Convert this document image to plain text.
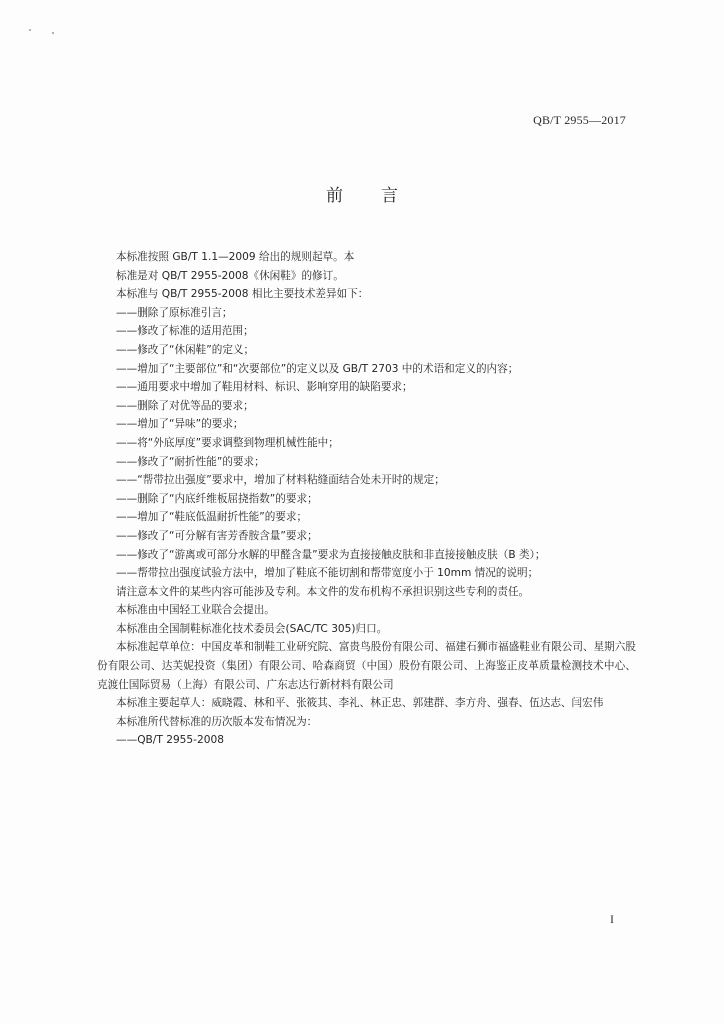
QB/T 2955—2017
前言

本标准按照 GB/T 1.1—2009 给出的规则起草。本

标准是对 QB/T 2955-2008《休闲鞋》的修订。

本标准与 QB/T 2955-2008 相比主要技术差异如下：

——删除了原标准引言；

——修改了标准的适用范围；

——修改了“休闲鞋”的定义；

——增加了“主要部位”和“次要部位”的定义以及 GB/T 2703 中的术语和定义的内容；

——通用要求中增加了鞋用材料、标识、影响穿用的缺陷要求；

——删除了对优等品的要求；

——增加了“异味”的要求；

——将“外底厚度”要求调整到物理机械性能中；

——修改了“耐折性能”的要求；

——“帮带拉出强度”要求中，增加了材料粘缝面结合处未开时的规定；

——删除了“内底纤维板屈挠指数”的要求；

——增加了“鞋底低温耐折性能”的要求；

——修改了“可分解有害芳香胺含量”要求；

——修改了“游离或可部分水解的甲醛含量”要求为直接接触皮肤和非直接接触皮肤（B 类）；

——帮带拉出强度试验方法中，增加了鞋底不能切割和帮带宽度小于 10mm 情况的说明；

请注意本文件的某些内容可能涉及专利。本文件的发布机构不承担识别这些专利的责任。

本标准由中国轻工业联合会提出。

本标准由全国制鞋标准化技术委员会(SAC/TC 305)归口。

本标准起草单位：中国皮革和制鞋工业研究院、富贵鸟股份有限公司、福建石狮市福盛鞋业有限公司、星期六股份有限公司、达芙妮投资（集团）有限公司、哈森商贸（中国）股份有限公司、上海鉴正皮革质量检测技术中心、克渡仕国际贸易（上海）有限公司、广东志达行新材料有限公司

本标准主要起草人：威晓霞、林和平、张筱其、李礼、林正忠、郭建群、李方舟、强春、伍达志、闫宏伟

本标准所代替标准的历次版本发布情况为：

——QB/T 2955-2008

I
